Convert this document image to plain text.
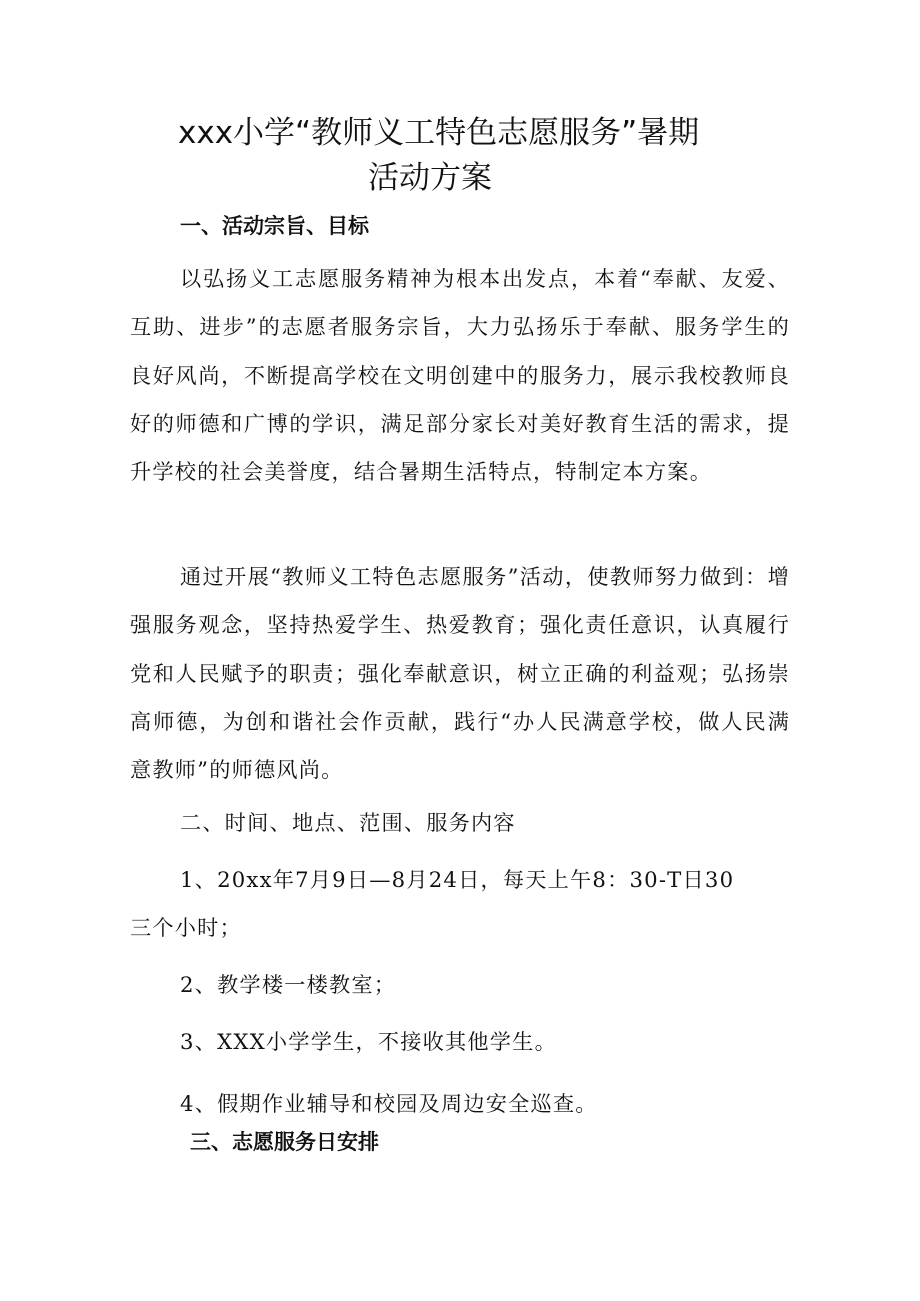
xxx小学“教师义工特色志愿服务”暑期
活动方案
一、活动宗旨、目标
以弘扬义工志愿服务精神为根本出发点，本着“奉献、友爱、互助、进步”的志愿者服务宗旨，大力弘扬乐于奉献、服务学生的良好风尚，不断提高学校在文明创建中的服务力，展示我校教师良好的师德和广博的学识，满足部分家长对美好教育生活的需求，提升学校的社会美誉度，结合暑期生活特点，特制定本方案。
通过开展“教师义工特色志愿服务”活动，使教师努力做到：增强服务观念，坚持热爱学生、热爱教育；强化责任意识，认真履行党和人民赋予的职责；强化奉献意识，树立正确的利益观；弘扬崇高师德，为创和谐社会作贡献，践行“办人民满意学校，做人民满意教师”的师德风尚。
二、时间、地点、范围、服务内容
1、20xx年7月9日—8月24日，每天上午8：30-T日30
三个小时；
2、教学楼一楼教室；
3、XXX小学学生，不接收其他学生。
4、假期作业辅导和校园及周边安全巡查。
三、志愿服务日安排
